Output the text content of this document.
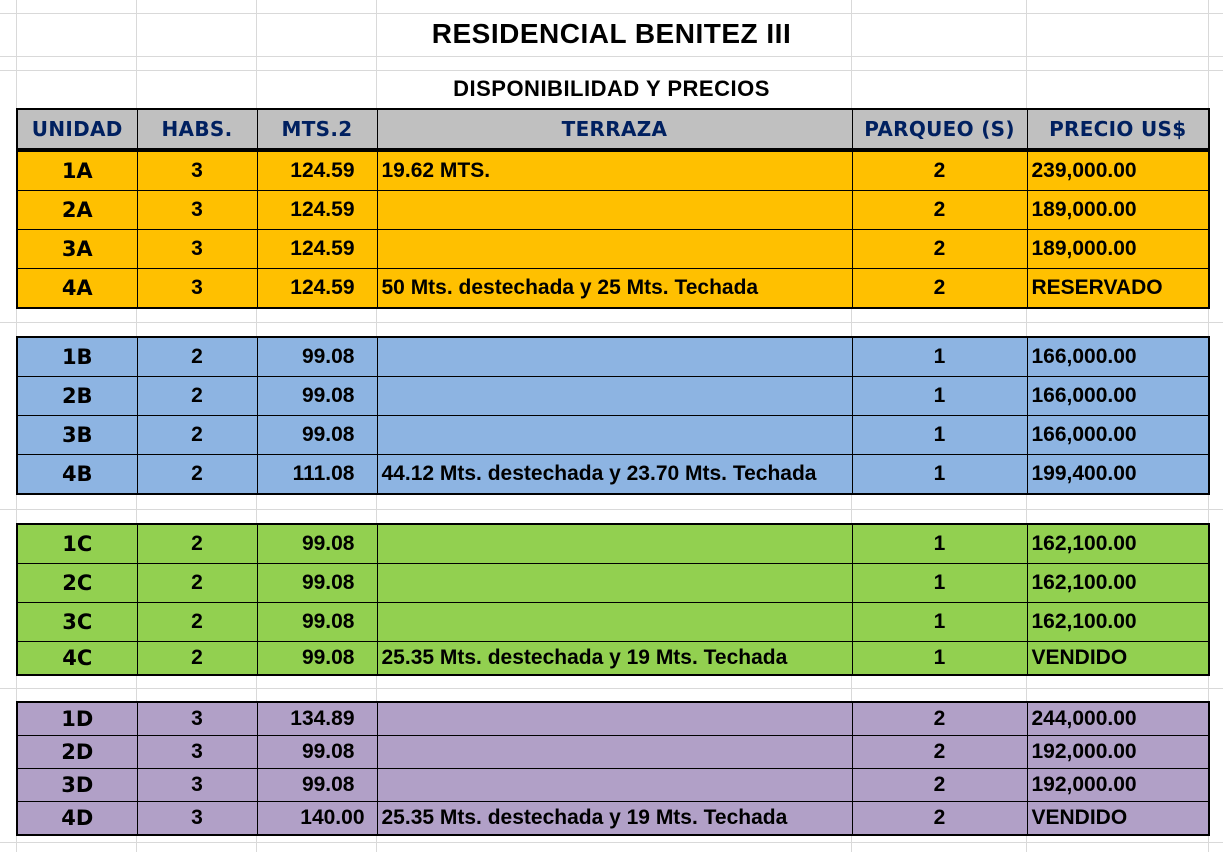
RESIDENCIAL BENITEZ III
DISPONIBILIDAD Y PRECIOS
UNIDAD	HABS.	MTS.2	TERRAZA	PARQUEO (S)	PRECIO US$
1A	3	124.59	19.62 MTS.	2	239,000.00
2A	3	124.59		2	189,000.00
3A	3	124.59		2	189,000.00
4A	3	124.59	50 Mts. destechada y 25 Mts. Techada	2	RESERVADO
1B	2	99.08		1	166,000.00
2B	2	99.08		1	166,000.00
3B	2	99.08		1	166,000.00
4B	2	111.08	44.12 Mts. destechada y 23.70 Mts. Techada	1	199,400.00
1C	2	99.08		1	162,100.00
2C	2	99.08		1	162,100.00
3C	2	99.08		1	162,100.00
4C	2	99.08	25.35 Mts. destechada y 19 Mts. Techada	1	VENDIDO
1D	3	134.89		2	244,000.00
2D	3	99.08		2	192,000.00
3D	3	99.08		2	192,000.00
4D	3	140.00	25.35 Mts. destechada y 19 Mts. Techada	2	VENDIDO
